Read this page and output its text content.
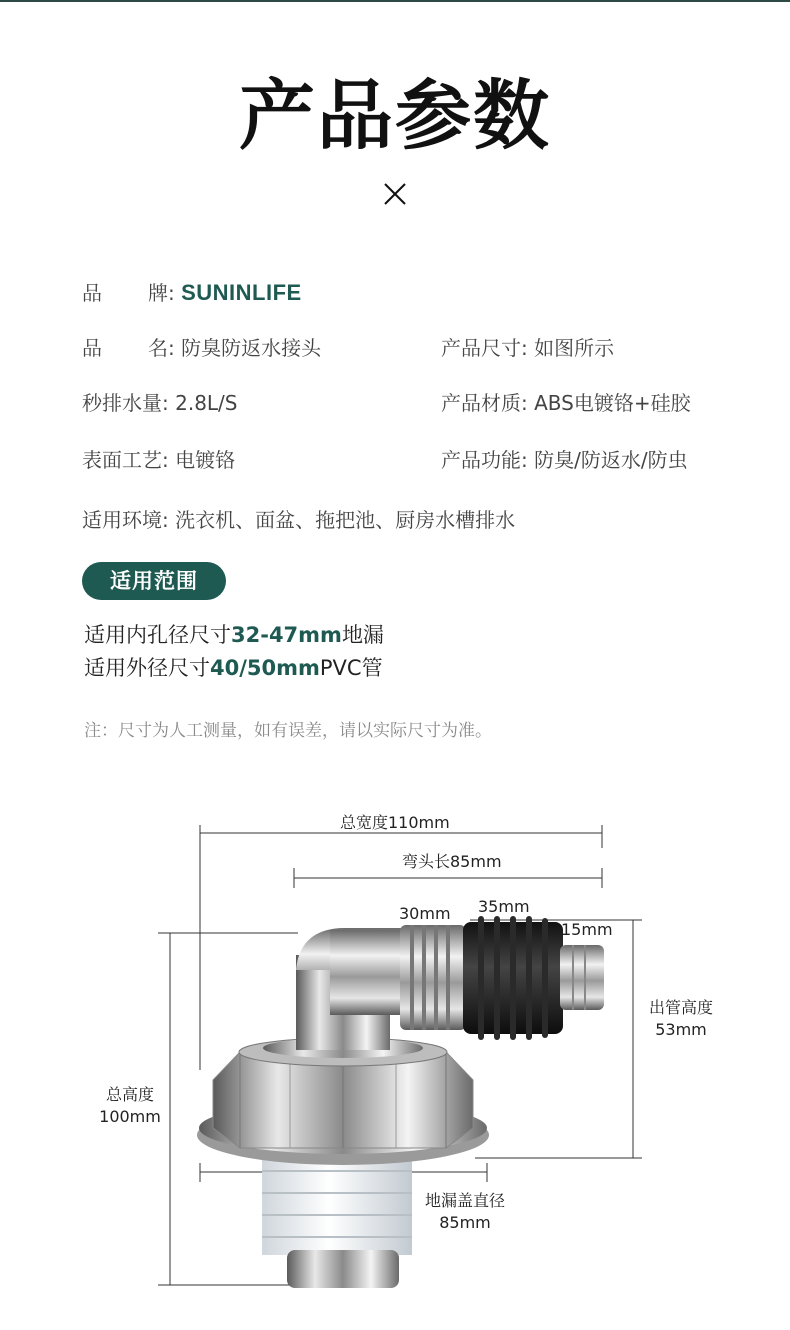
产品参数
品 牌: SUNINLIFE
品 名: 防臭防返水接头	产品尺寸: 如图所示
秒排水量: 2.8L/S	产品材质: ABS电镀铬+硅胶
表面工艺: 电镀铬	产品功能: 防臭/防返水/防虫
适用环境: 洗衣机、面盆、拖把池、厨房水槽排水
适用范围
适用内孔径尺寸32-47mm地漏
适用外径尺寸40/50mmPVC管
注：尺寸为人工测量，如有误差，请以实际尺寸为准。
总宽度110mm
弯头长85mm
30mm 35mm
15mm
出管高度
53mm
总高度
100mm
地漏盖直径
85mm
